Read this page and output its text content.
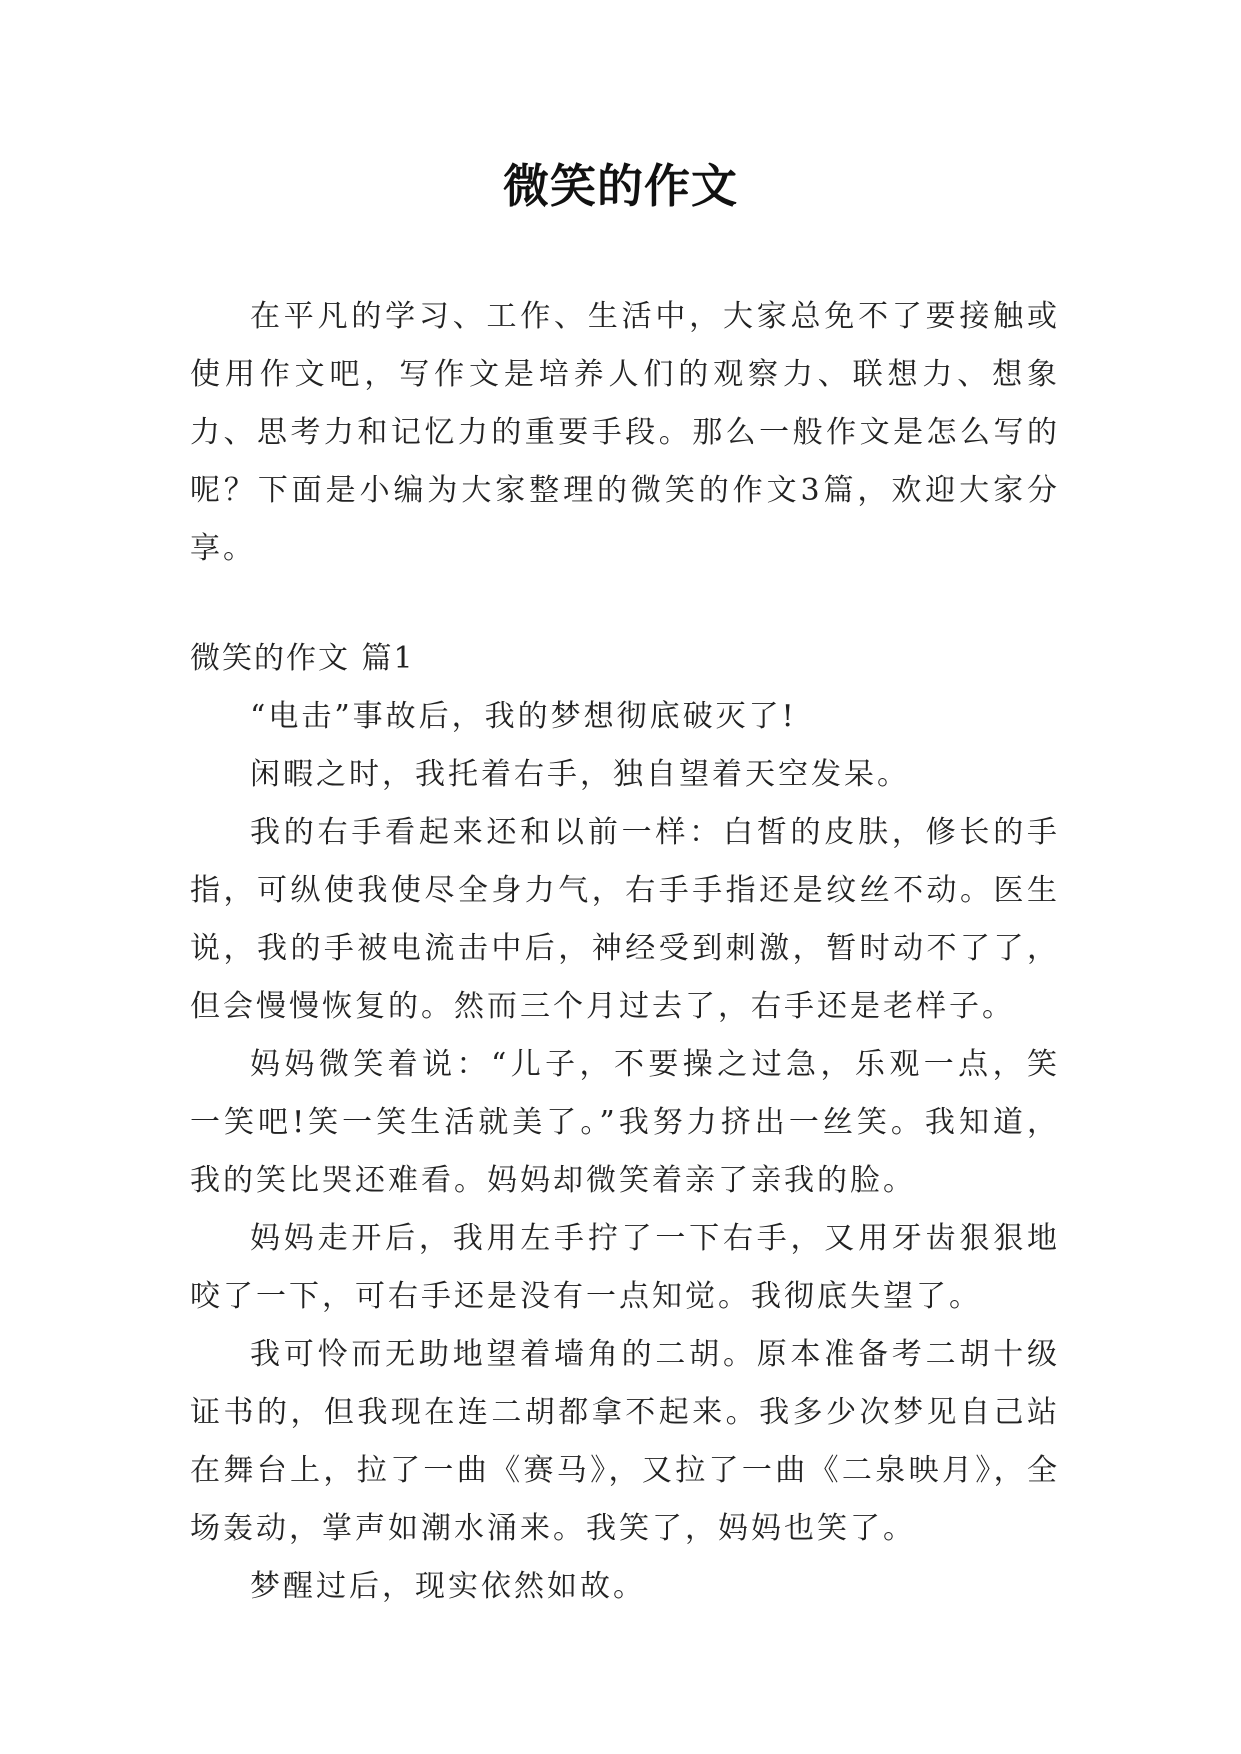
微笑的作文

在平凡的学习、工作、生活中，大家总免不了要接触或使用作文吧，写作文是培养人们的观察力、联想力、想象力、思考力和记忆力的重要手段。那么一般作文是怎么写的呢？下面是小编为大家整理的微笑的作文3篇，欢迎大家分享。

微笑的作文 篇1

“电击”事故后，我的梦想彻底破灭了!

闲暇之时，我托着右手，独自望着天空发呆。

我的右手看起来还和以前一样：白皙的皮肤，修长的手指，可纵使我使尽全身力气，右手手指还是纹丝不动。医生说，我的手被电流击中后，神经受到刺激，暂时动不了了，但会慢慢恢复的。然而三个月过去了，右手还是老样子。

妈妈微笑着说：“儿子，不要操之过急，乐观一点，笑一笑吧!笑一笑生活就美了。”我努力挤出一丝笑。我知道，我的笑比哭还难看。妈妈却微笑着亲了亲我的脸。

妈妈走开后，我用左手拧了一下右手，又用牙齿狠狠地咬了一下，可右手还是没有一点知觉。我彻底失望了。

我可怜而无助地望着墙角的二胡。原本准备考二胡十级证书的，但我现在连二胡都拿不起来。我多少次梦见自己站在舞台上，拉了一曲《赛马》，又拉了一曲《二泉映月》，全场轰动，掌声如潮水涌来。我笑了，妈妈也笑了。

梦醒过后，现实依然如故。
